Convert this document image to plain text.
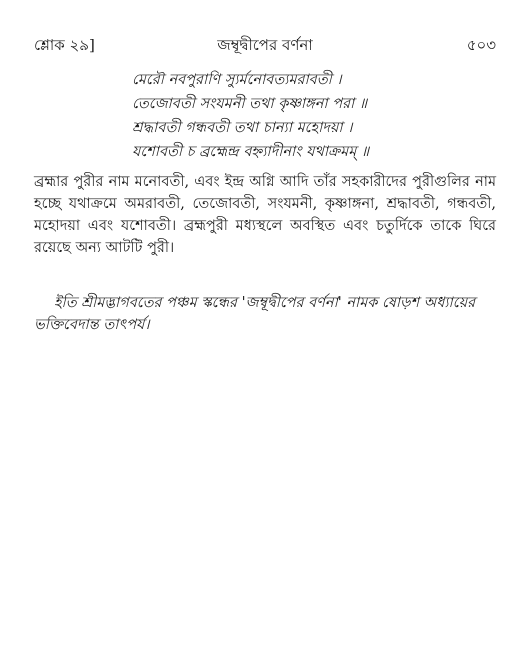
শ্লোক ২৯]	জম্বূদ্বীপের বর্ণনা	৫০৩
মেরৌ নবপুরাণি স্যুর্মনোবত্যমরাবতী ।
তেজোবতী সংযমনী তথা কৃষ্ণাঙ্গনা পরা ॥
শ্রদ্ধাবতী গন্ধবতী তথা চান্যা মহোদয়া ।
যশোবতী চ ব্রহ্মেন্দ্র বহ্ন্যাদীনাং যথাক্রমম্ ॥
ব্রহ্মার পুরীর নাম মনোবতী, এবং ইন্দ্র অগ্নি আদি তাঁর সহকারীদের পুরীগুলির নাম হচ্ছে যথাক্রমে অমরাবতী, তেজোবতী, সংযমনী, কৃষ্ণাঙ্গনা, শ্রদ্ধাবতী, গন্ধবতী, মহোদয়া এবং যশোবতী। ব্রহ্মপুরী মধ্যস্থলে অবস্থিত এবং চতুর্দিকে তাকে ঘিরে রয়েছে অন্য আটটি পুরী।
ইতি শ্রীমদ্ভাগবতের পঞ্চম স্কন্ধের 'জম্বূদ্বীপের বর্ণনা' নামক ষোড়শ অধ্যায়ের ভক্তিবেদান্ত তাৎপর্য।
